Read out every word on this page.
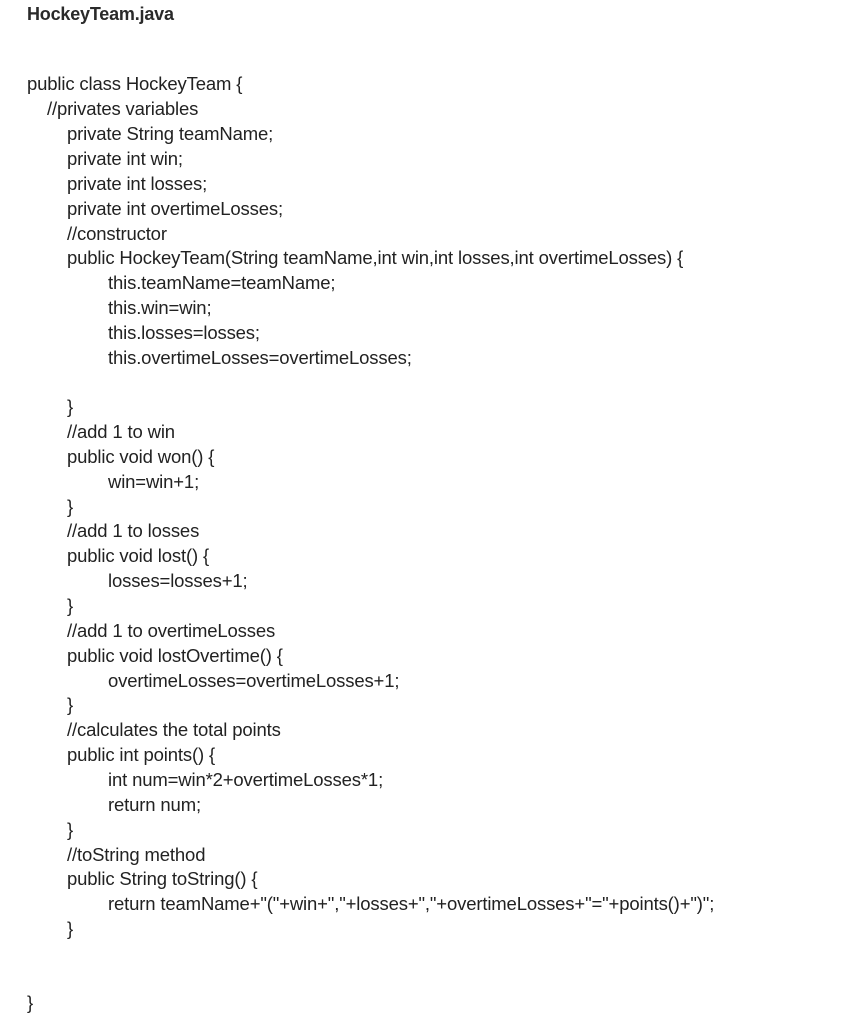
HockeyTeam.java
public class HockeyTeam {
//privates variables
private String teamName;
private int win;
private int losses;
private int overtimeLosses;
//constructor
public HockeyTeam(String teamName,int win,int losses,int overtimeLosses) {
this.teamName=teamName;
this.win=win;
this.losses=losses;
this.overtimeLosses=overtimeLosses;
}
//add 1 to win
public void won() {
win=win+1;
}
//add 1 to losses
public void lost() {
losses=losses+1;
}
//add 1 to overtimeLosses
public void lostOvertime() {
overtimeLosses=overtimeLosses+1;
}
//calculates the total points
public int points() {
int num=win*2+overtimeLosses*1;
return num;
}
//toString method
public String toString() {
return teamName+"("+win+","+losses+","+overtimeLosses+"="+points()+")";
}
}
